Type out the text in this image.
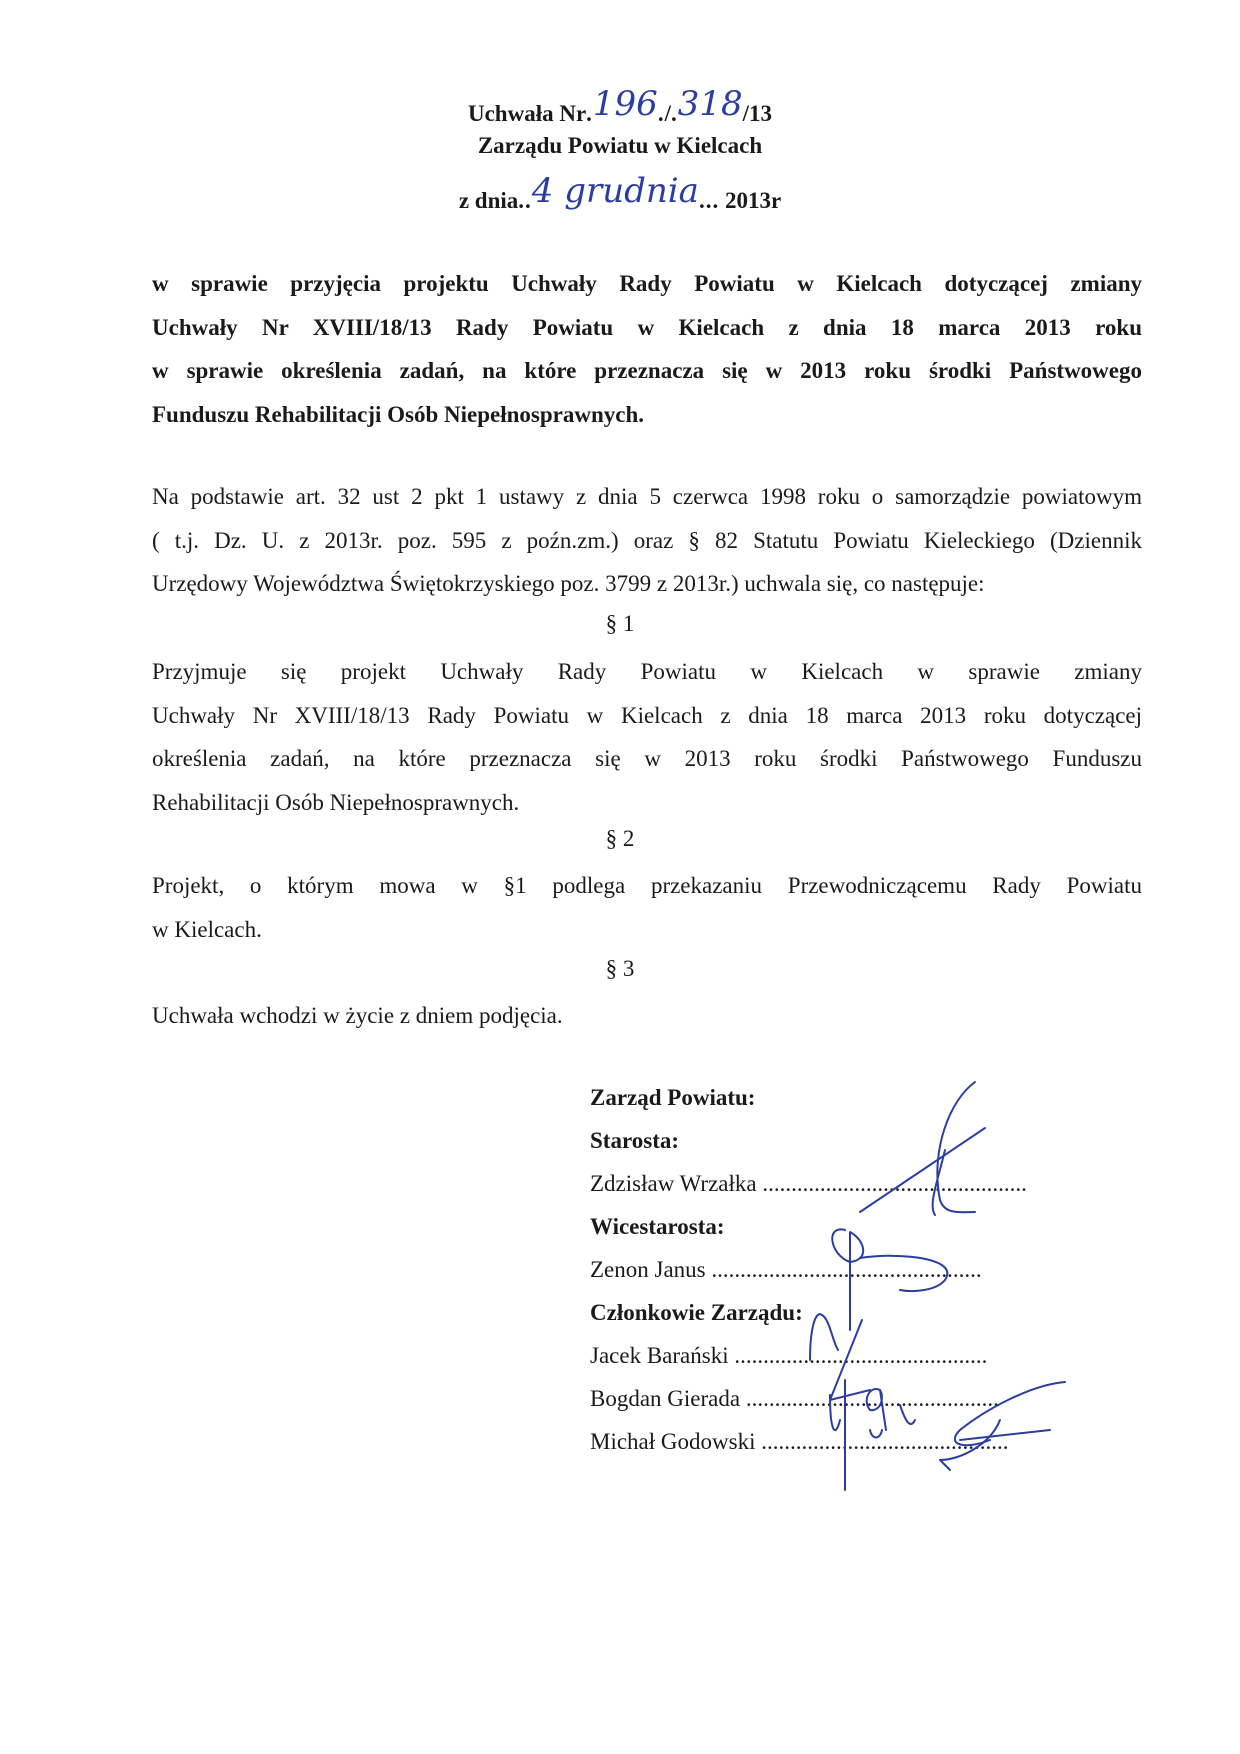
Uchwała Nr.196./.318/13
Zarządu Powiatu w Kielcach
z dnia..4 grudnia... 2013r
w sprawie przyjęcia projektu Uchwały Rady Powiatu w Kielcach dotyczącej zmiany
Uchwały Nr XVIII/18/13 Rady Powiatu w Kielcach z dnia 18 marca 2013 roku
w sprawie określenia zadań, na które przeznacza się w 2013 roku środki Państwowego
Funduszu Rehabilitacji Osób Niepełnosprawnych.
Na podstawie art. 32 ust 2 pkt 1 ustawy z dnia 5 czerwca 1998 roku o samorządzie powiatowym
( t.j. Dz. U. z 2013r. poz. 595 z poźn.zm.) oraz § 82 Statutu Powiatu Kieleckiego (Dziennik
Urzędowy Województwa Świętokrzyskiego poz. 3799 z 2013r.) uchwala się, co następuje:
§ 1
Przyjmuje się projekt Uchwały Rady Powiatu w Kielcach w sprawie zmiany
Uchwały Nr XVIII/18/13 Rady Powiatu w Kielcach z dnia 18 marca 2013 roku dotyczącej
określenia zadań, na które przeznacza się w 2013 roku środki Państwowego Funduszu
Rehabilitacji Osób Niepełnosprawnych.
§ 2
Projekt, o którym mowa w §1 podlega przekazaniu Przewodniczącemu Rady Powiatu
w Kielcach.
§ 3
Uchwała wchodzi w życie z dniem podjęcia.
Zarząd Powiatu:
Starosta:
Zdzisław Wrzałka ..............................................
Wicestarosta:
Zenon Janus ...............................................
Członkowie Zarządu:
Jacek Barański ............................................
Bogdan Gierada ............................................
Michał Godowski ...........................................
